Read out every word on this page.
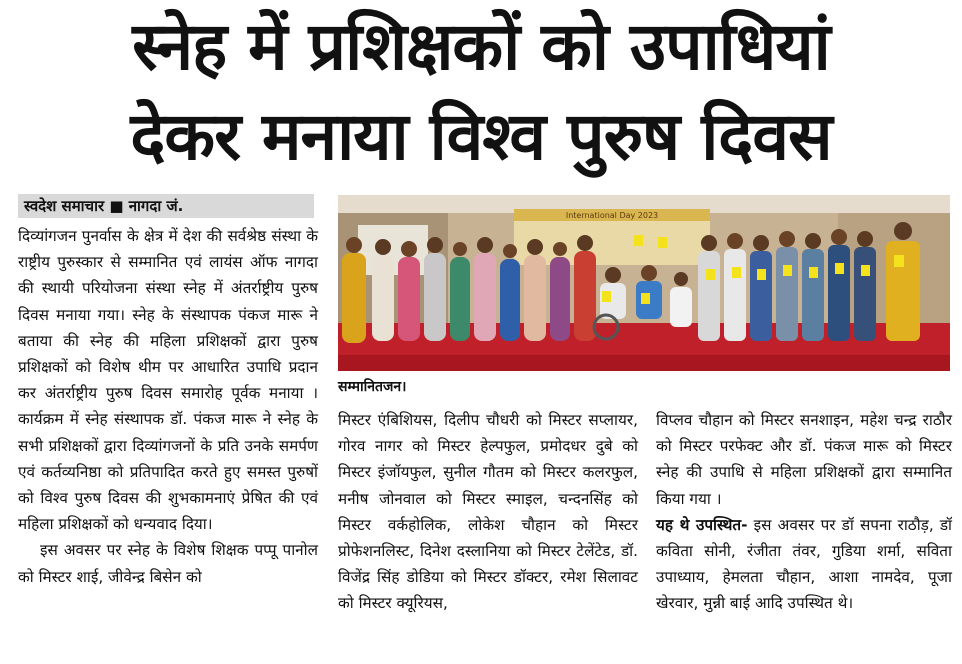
स्नेह में प्रशिक्षकों को उपाधियां
देकर मनाया विश्व पुरुष दिवस
स्वदेश समाचार ■ नागदा जं.

दिव्यांगजन पुनर्वास के क्षेत्र में देश की सर्वश्रेष्ठ संस्था के राष्ट्रीय पुरुस्कार से सम्मानित एवं लायंस ऑफ नागदा की स्थायी परियोजना संस्था स्नेह में अंतर्राष्ट्रीय पुरुष दिवस मनाया गया। स्नेह के संस्थापक पंकज मारू ने बताया की स्नेह की महिला प्रशिक्षकों द्वारा पुरुष प्रशिक्षकों को विशेष थीम पर आधारित उपाधि प्रदान कर अंतर्राष्ट्रीय पुरुष दिवस समारोह पूर्वक मनाया । कार्यक्रम में स्नेह संस्थापक डॉ. पंकज मारू ने स्नेह के सभी प्रशिक्षकों द्वारा दिव्यांगजनों के प्रति उनके समर्पण एवं कर्तव्यनिष्ठा को प्रतिपादित करते हुए समस्त पुरुषों को विश्व पुरुष दिवस की शुभकामनाएं प्रेषित की एवं महिला प्रशिक्षकों को धन्यवाद दिया।

इस अवसर पर स्नेह के विशेष शिक्षक पप्पू पानोल को मिस्टर शाई, जीवेन्द्र बिसेन को

International Day 2023
सम्मानितजन।

मिस्टर एंबिशियस, दिलीप चौधरी को मिस्टर सप्लायर, गोरव नागर को मिस्टर हेल्पफुल, प्रमोदधर दुबे को मिस्टर इंजॉयफुल, सुनील गौतम को मिस्टर कलरफुल, मनीष जोनवाल को मिस्टर स्माइल, चन्दनसिंह को मिस्टर वर्कहोलिक, लोकेश चौहान को मिस्टर प्रोफेशनलिस्ट, दिनेश दस्लानिया को मिस्टर टेलेंटेड, डॉ. विजेंद्र सिंह डोडिया को मिस्टर डॉक्टर, रमेश सिलावट को मिस्टर क्यूरियस,

विप्लव चौहान को मिस्टर सनशाइन, महेश चन्द्र राठौर को मिस्टर परफेक्ट और डॉ. पंकज मारू को मिस्टर स्नेह की उपाधि से महिला प्रशिक्षकों द्वारा सम्मानित किया गया ।

यह थे उपस्थित- इस अवसर पर डॉ सपना राठौड़, डॉ कविता सोनी, रंजीता तंवर, गुडिया शर्मा, सविता उपाध्याय, हेमलता चौहान, आशा नामदेव, पूजा खेरवार, मुन्नी बाई आदि उपस्थित थे।
